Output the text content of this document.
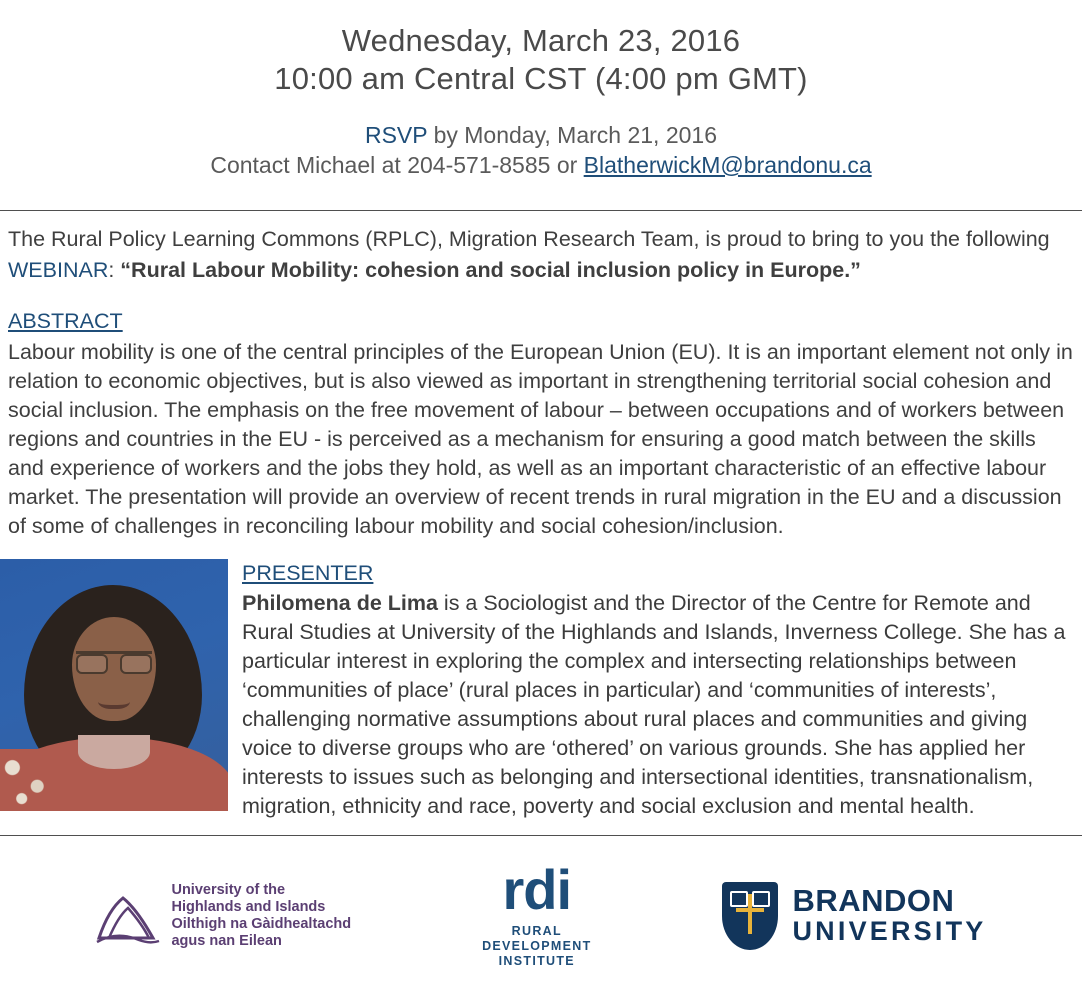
Wednesday, March 23, 2016
10:00 am Central CST (4:00 pm GMT)
RSVP by Monday, March 21, 2016
Contact Michael at 204-571-8585 or BlatherwickM@brandonu.ca

The Rural Policy Learning Commons (RPLC), Migration Research Team, is proud to bring to you the following

WEBINAR: “Rural Labour Mobility: cohesion and social inclusion policy in Europe.”

ABSTRACT

Labour mobility is one of the central principles of the European Union (EU). It is an important element not only in relation to economic objectives, but is also viewed as important in strengthening territorial social cohesion and social inclusion. The emphasis on the free movement of labour – between occupations and of workers between regions and countries in the EU - is perceived as a mechanism for ensuring a good match between the skills and experience of workers and the jobs they hold, as well as an important characteristic of an effective labour market. The presentation will provide an overview of recent trends in rural migration in the EU and a discussion of some of challenges in reconciling labour mobility and social cohesion/inclusion.

PRESENTER
Philomena de Lima is a Sociologist and the Director of the Centre for Remote and Rural Studies at University of the Highlands and Islands, Inverness College. She has a particular interest in exploring the complex and intersecting relationships between ‘communities of place’ (rural places in particular) and ‘communities of interests’, challenging normative assumptions about rural places and communities and giving voice to diverse groups who are ‘othered’ on various grounds. She has applied her interests to issues such as belonging and intersectional identities, transnationalism, migration, ethnicity and race, poverty and social exclusion and mental health.
University of the
Highlands and Islands
Oilthigh na Gàidhealtachd
agus nan Eilean
rdi
RURAL
DEVELOPMENT
INSTITUTE
BRANDON
UNIVERSITY
